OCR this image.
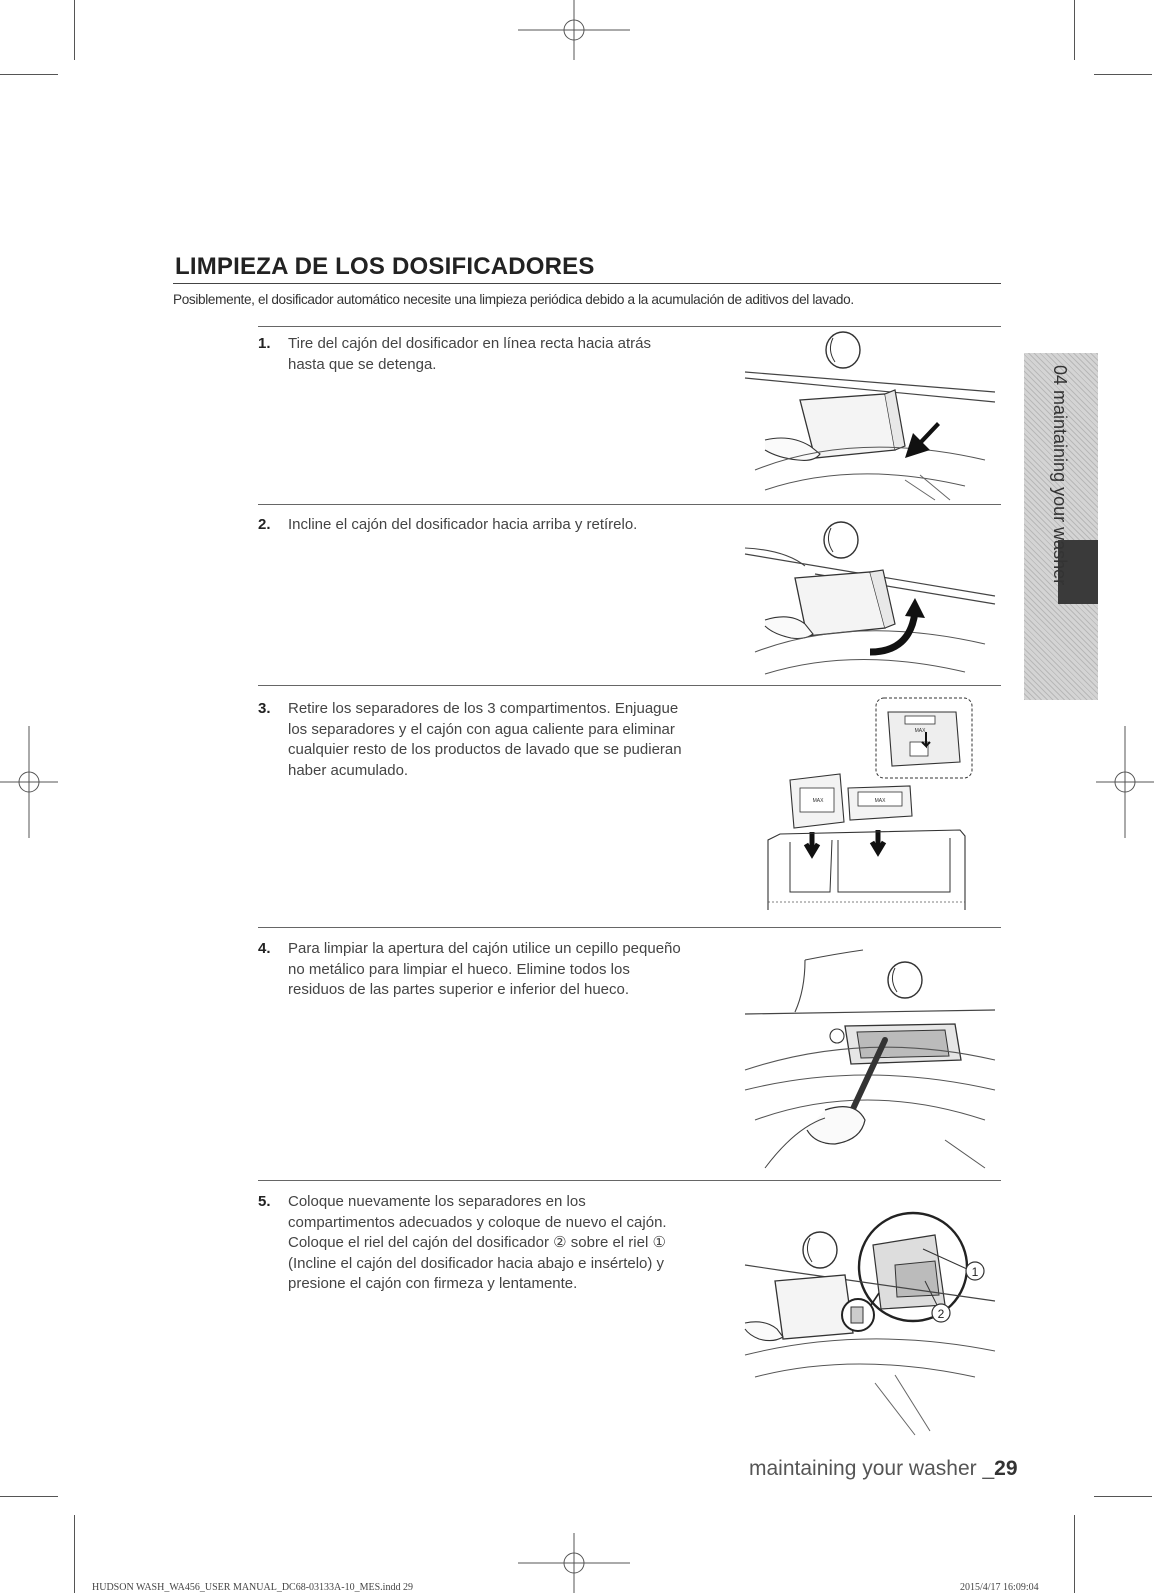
04 maintaining your washer
LIMPIEZA DE LOS DOSIFICADORES
Posiblemente, el dosificador automático necesite una limpieza periódica debido a la acumulación de aditivos del lavado.
1. Tire del cajón del dosificador en línea recta hacia atrás
hasta que se detenga.
2. Incline el cajón del dosificador hacia arriba y retírelo.
3. Retire los separadores de los 3 compartimentos. Enjuague
los separadores y el cajón con agua caliente para eliminar
cualquier resto de los productos de lavado que se pudieran
haber acumulado.
4. Para limpiar la apertura del cajón utilice un cepillo pequeño
no metálico para limpiar el hueco. Elimine todos los
residuos de las partes superior e inferior del hueco.
5. Coloque nuevamente los separadores en los
compartimentos adecuados y coloque de nuevo el cajón.
Coloque el riel del cajón del dosificador ② sobre el riel ①
(Incline el cajón del dosificador hacia abajo e insértelo) y
presione el cajón con firmeza y lentamente.
MAX
MAX	MAX
1
2
maintaining your washer _29
HUDSON WASH_WA456_USER MANUAL_DC68-03133A-10_MES.indd 29	2015/4/17 16:09:04
